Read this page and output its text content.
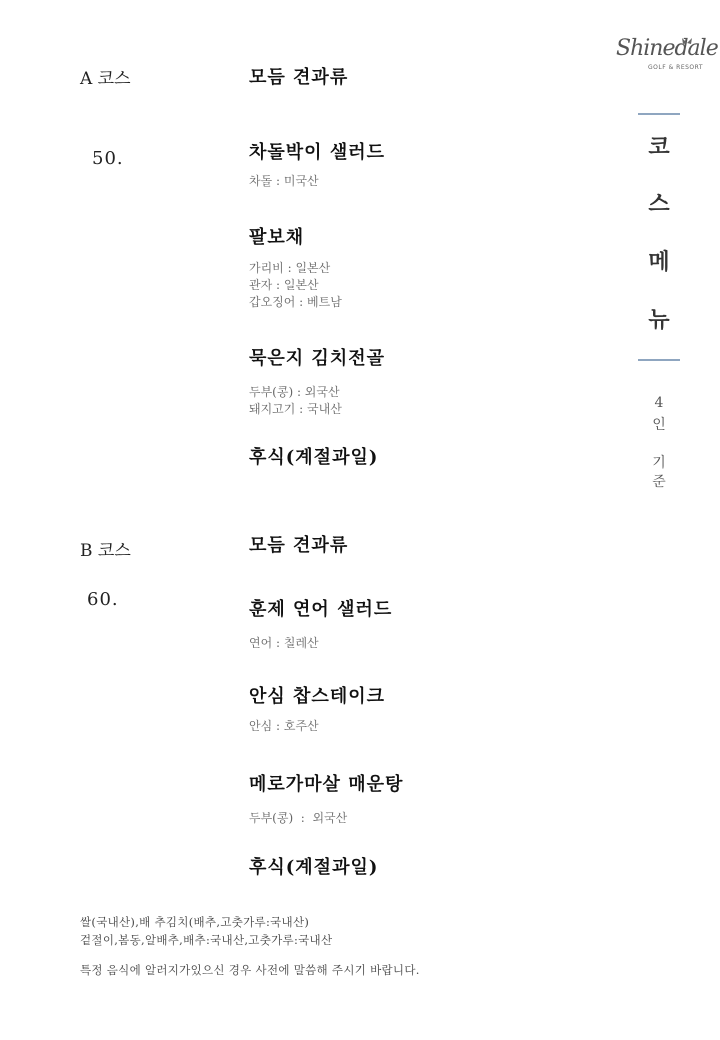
Shinedale
GOLF & RESORT
코
스
메
뉴
4
인
기
준
A 코스
50.
모듬 견과류
차돌박이 샐러드
차돌 : 미국산
팔보채
가리비 : 일본산
관자 : 일본산
갑오징어 : 베트남
묵은지 김치전골
두부(콩) : 외국산
돼지고기 : 국내산
후식(계절과일)
B 코스
60.
모듬 견과류
훈제 연어 샐러드
연어 : 칠레산
안심 찹스테이크
안심 : 호주산
메로가마살 매운탕
두부(콩)  :  외국산
후식(계절과일)
쌀(국내산),배 추김치(배추,고춧가루:국내산)
겉절이,봄동,알배추,배추:국내산,고춧가루:국내산
특정 음식에 알러지가있으신 경우 사전에 말씀해 주시기 바랍니다.
